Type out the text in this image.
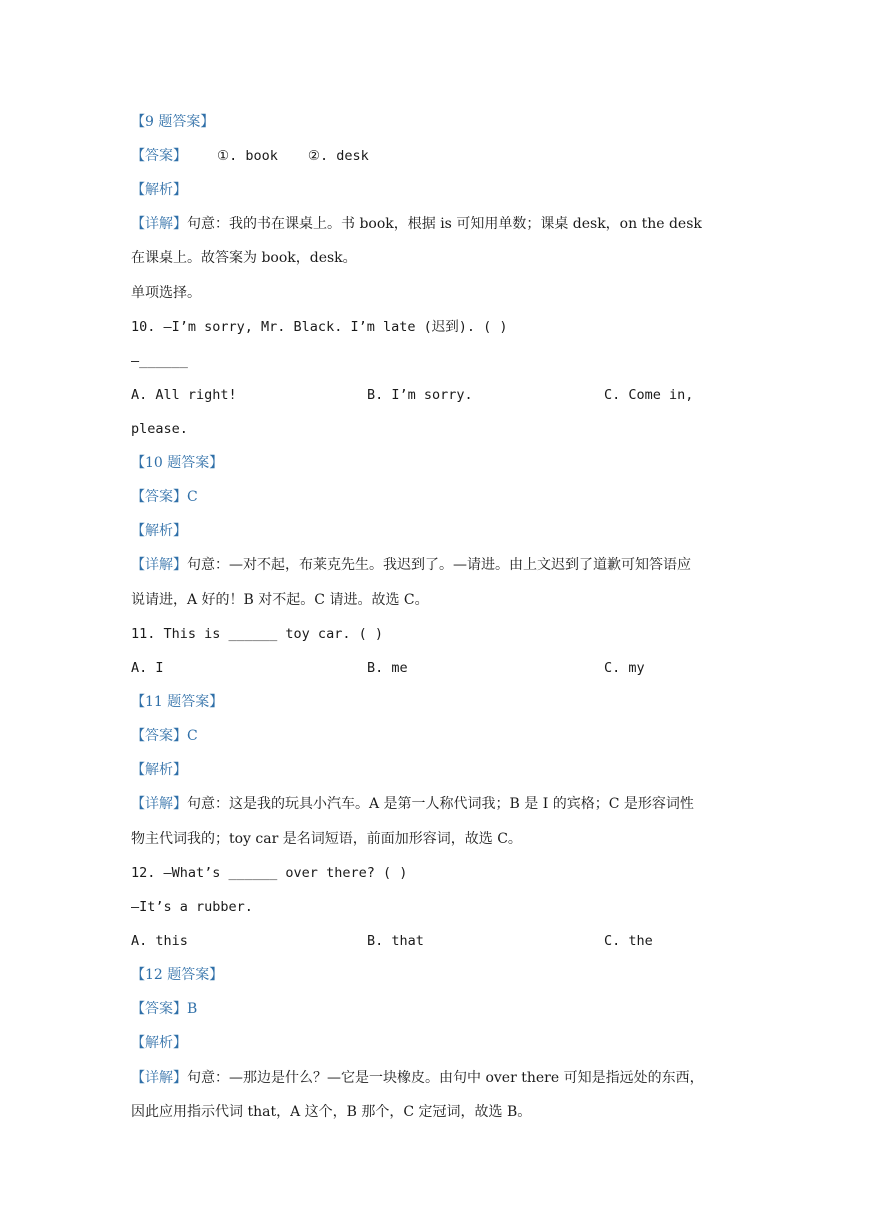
【9 题答案】
【答案】 ①. book ②. desk
【解析】
【详解】句意：我的书在课桌上。书 book，根据 is 可知用单数；课桌 desk，on the desk
在课桌上。故答案为 book，desk。
单项选择。
10. —I’m sorry, Mr. Black. I’m late (迟到). ( )
—______
A. All right!	B. I’m sorry.	C. Come in,
please.
【10 题答案】
【答案】C
【解析】
【详解】句意：—对不起，布莱克先生。我迟到了。—请进。由上文迟到了道歉可知答语应
说请进，A 好的！B 对不起。C 请进。故选 C。
11. This is ______ toy car. ( )
A. I	B. me	C. my
【11 题答案】
【答案】C
【解析】
【详解】句意：这是我的玩具小汽车。A 是第一人称代词我；B 是 I 的宾格；C 是形容词性
物主代词我的；toy car 是名词短语，前面加形容词，故选 C。
12. —What’s ______ over there? ( )
—It’s a rubber.
A. this	B. that	C. the
【12 题答案】
【答案】B
【解析】
【详解】句意：—那边是什么？—它是一块橡皮。由句中 over there 可知是指远处的东西，
因此应用指示代词 that，A 这个，B 那个，C 定冠词，故选 B。
